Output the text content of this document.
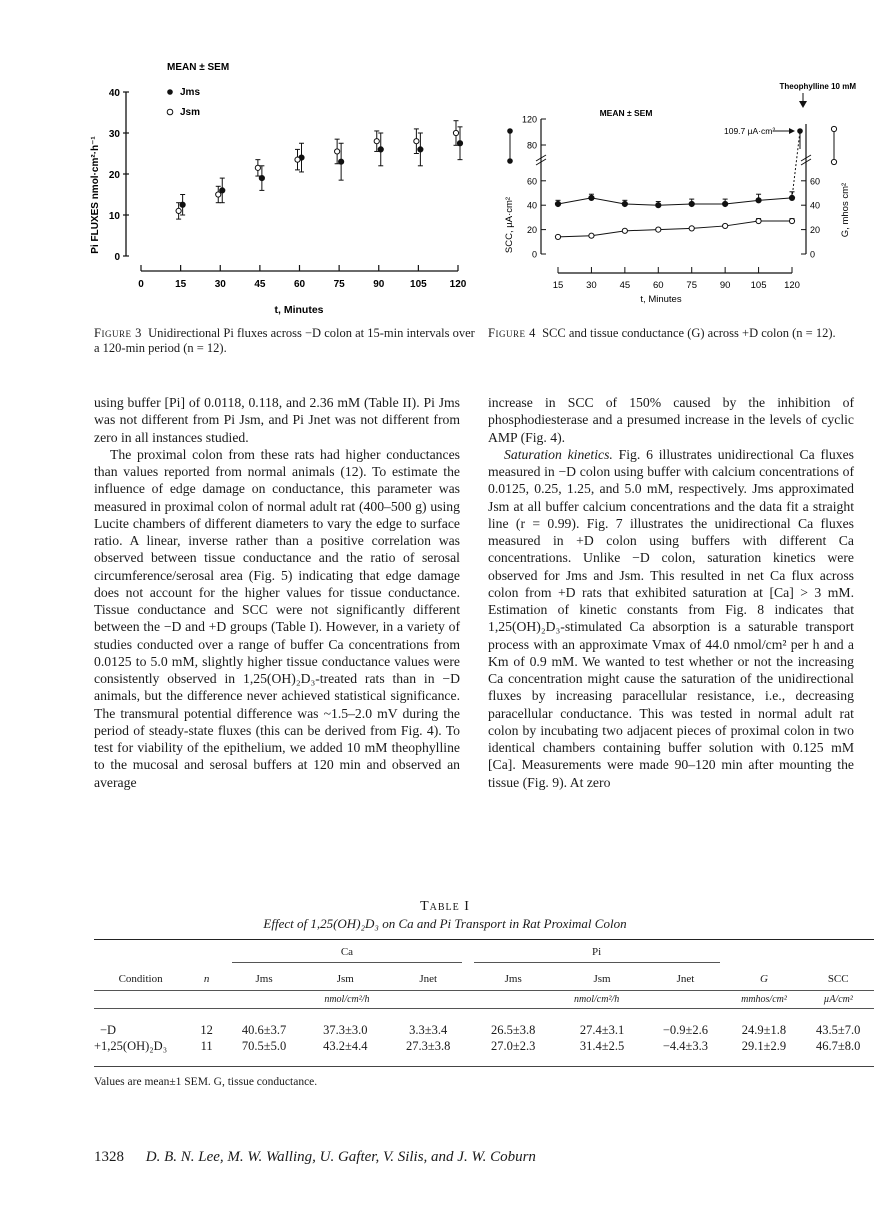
MEAN ± SEM
Jms
Jsm
Pi FLUXES nmol·cm²·h⁻¹
0
10
20
30
40
0	15	30	45	60	75	90	105 120
t, Minutes
MEAN ± SEM
Theophylline 10 mM
109.7 µA·cm²
0
20
40
60
80
120
0
20
40
60
15 30 45 60 75 90 105 120
SCC, µA·cm²	G, mhos cm²
t, Minutes
Figure 3 Unidirectional Pi fluxes across −D colon at 15-min intervals over a 120-min period (n = 12).
Figure 4 SCC and tissue conductance (G) across +D colon (n = 12).

using buffer [Pi] of 0.0118, 0.118, and 2.36 mM (Table II). Pi Jms was not different from Pi Jsm, and Pi Jnet was not different from zero in all instances studied.

The proximal colon from these rats had higher conductances than values reported from normal animals (12). To estimate the influence of edge damage on conductance, this parameter was measured in proximal colon of normal adult rat (400–500 g) using Lucite chambers of different diameters to vary the edge to surface ratio. A linear, inverse rather than a positive correlation was observed between tissue conductance and the ratio of serosal circumference/serosal area (Fig. 5) indicating that edge damage does not account for the higher values for tissue conductance. Tissue conductance and SCC were not significantly different between the −D and +D groups (Table I). However, in a variety of studies conducted over a range of buffer Ca concentrations from 0.0125 to 5.0 mM, slightly higher tissue conductance values were consistently observed in 1,25(OH)₂D₃-treated rats than in −D animals, but the difference never achieved statistical significance. The transmural potential difference was ~1.5–2.0 mV during the period of steady-state fluxes (this can be derived from Fig. 4). To test for viability of the epithelium, we added 10 mM theophylline to the mucosal and serosal buffers at 120 min and observed an average

increase in SCC of 150% caused by the inhibition of phosphodiesterase and a presumed increase in the levels of cyclic AMP (Fig. 4).

Saturation kinetics. Fig. 6 illustrates unidirectional Ca fluxes measured in −D colon using buffer with calcium concentrations of 0.0125, 0.25, 1.25, and 5.0 mM, respectively. Jms approximated Jsm at all buffer calcium concentrations and the data fit a straight line (r = 0.99). Fig. 7 illustrates the unidirectional Ca fluxes measured in +D colon using buffers with different Ca concentrations. Unlike −D colon, saturation kinetics were observed for Jms and Jsm. This resulted in net Ca flux across colon from +D rats that exhibited saturation at [Ca] > 3 mM. Estimation of kinetic constants from Fig. 8 indicates that 1,25(OH)₂D₃-stimulated Ca absorption is a saturable transport process with an approximate Vmax of 44.0 nmol/cm² per h and a Km of 0.9 mM. We wanted to test whether or not the increasing Ca concentration might cause the saturation of the unidirectional fluxes by increasing paracellular resistance, i.e., decreasing paracellular conductance. This was tested in normal adult rat colon by incubating two adjacent pieces of proximal colon in two identical chambers containing buffer solution with 0.125 mM [Ca]. Measurements were made 90–120 min after mounting the tissue (Fig. 9). At zero

Table I
Effect of 1,25(OH)₂D₃ on Ca and Pi Transport in Rat Proximal Colon

		Ca			Pi				

Condition	n	Jms	Jsm	Jnet	Jms	Jsm	Jnet	G	SCC
		nmol/cm²/h			nmol/cm²/h			mmhos/cm²	µA/cm²

−D	12	40.6±3.7	37.3±3.0	3.3±3.4	26.5±3.8	27.4±3.1	−0.9±2.6	24.9±1.8	43.5±7.0
+1,25(OH)₂D₃	11	70.5±5.0	43.2±4.4	27.3±3.8	27.0±2.3	31.4±2.5	−4.4±3.3	29.1±2.9	46.7±8.0
Values are mean±1 SEM. G, tissue conductance.
1328 D. B. N. Lee, M. W. Walling, U. Gafter, V. Silis, and J. W. Coburn
